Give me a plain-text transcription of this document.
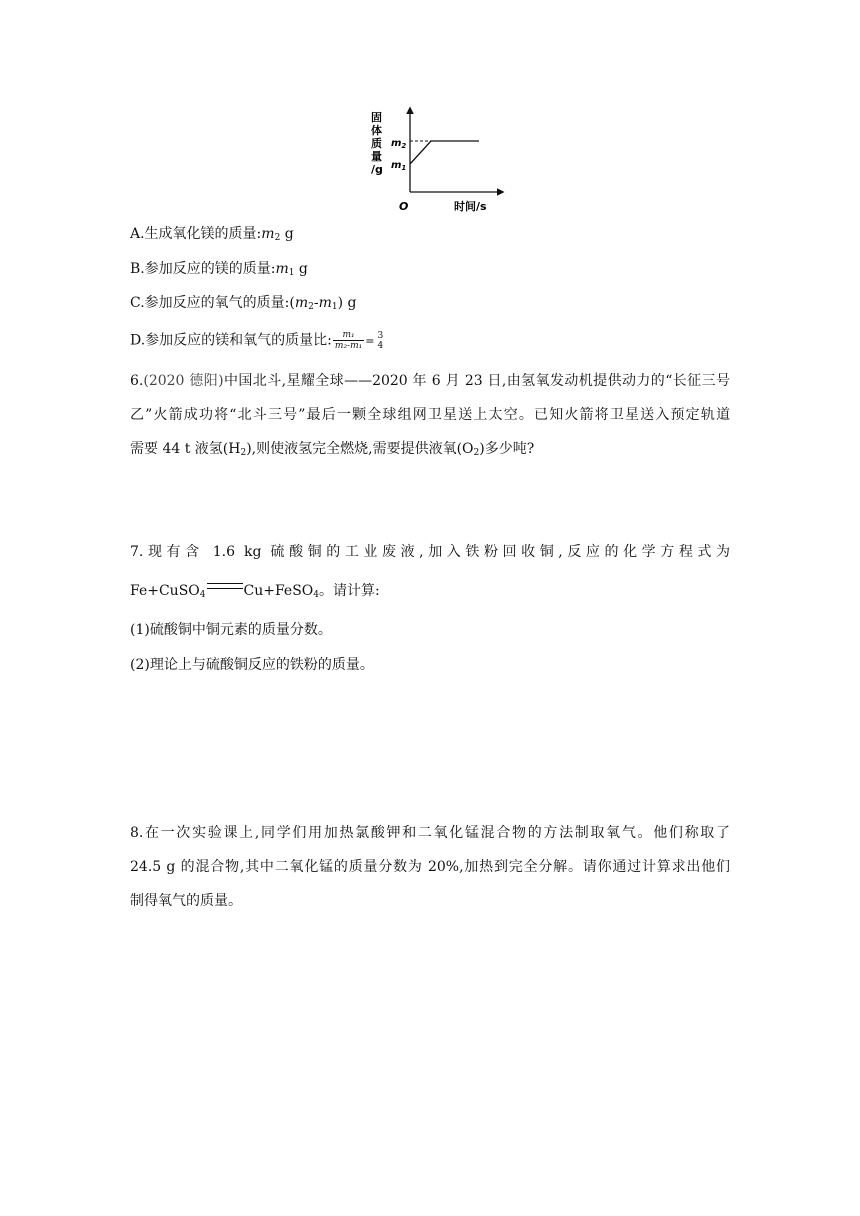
固
体
质
量
/g
$m_2$
$m_1$
O	时间/s
A.生成氧化镁的质量$:m_2$ g
B.参加反应的镁的质量$:m_1$ g
C.参加反应的氧气的质量$:(m_2-m_1)$ g
D.参加反应的镁和氧气的质量比: $\frac{\text{m₁}}{\text{m₂-m₁}} = 3$
4
6.(2020 德阳)中国北斗,星耀全球——2020 年 6 月 23 日,由氢氧发动机提供动力的“长征三号
乙”火箭成功将“北斗三号”最后一颗全球组网卫星送上太空。已知火箭将卫星送入预定轨道
需要 44 t 液氢$(H_2)$,则使液氢完全燃烧,需要提供液氧$(O_2)$多少吨?
7.现有含 1.6 kg 硫酸铜的工业废液,加入铁粉回收铜,反应的化学方程式为
Fe+CuSO$_4$	Cu+FeSO$_4$。请计算:
(1)硫酸铜中铜元素的质量分数。
(2)理论上与硫酸铜反应的铁粉的质量。
8.在一次实验课上,同学们用加热氯酸钾和二氧化锰混合物的方法制取氧气。他们称取了
24.5 g 的混合物,其中二氧化锰的质量分数为 20%,加热到完全分解。请你通过计算求出他们
制得氧气的质量。
